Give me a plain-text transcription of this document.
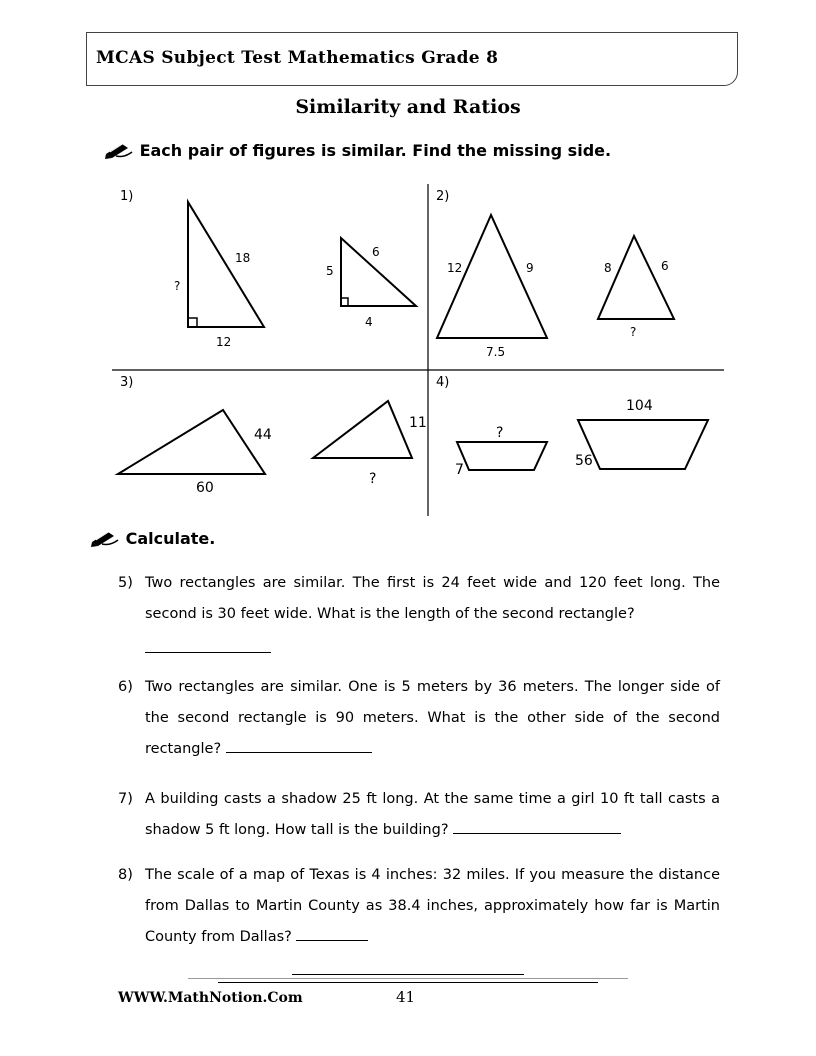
MCAS Subject Test Mathematics Grade 8
Similarity and Ratios
Each pair of figures is similar. Find the missing side.
1)	2)
3)	4)
18
?
12
6
5
4
12	9
7.5
8	6
?
44
60
11
?
?
7
104
56
Calculate.
5) Two rectangles are similar. The first is 24 feet wide and 120 feet long. The second is 30 feet wide. What is the length of the second rectangle?
6) Two rectangles are similar. One is 5 meters by 36 meters. The longer side of the second rectangle is 90 meters. What is the other side of the second rectangle?
7) A building casts a shadow 25 ft long. At the same time a girl 10 ft tall casts a shadow 5 ft long. How tall is the building?
8) The scale of a map of Texas is 4 inches: 32 miles. If you measure the distance from Dallas to Martin County as 38.4 inches, approximately how far is Martin County from Dallas?
WWW.MathNotion.Com	41
